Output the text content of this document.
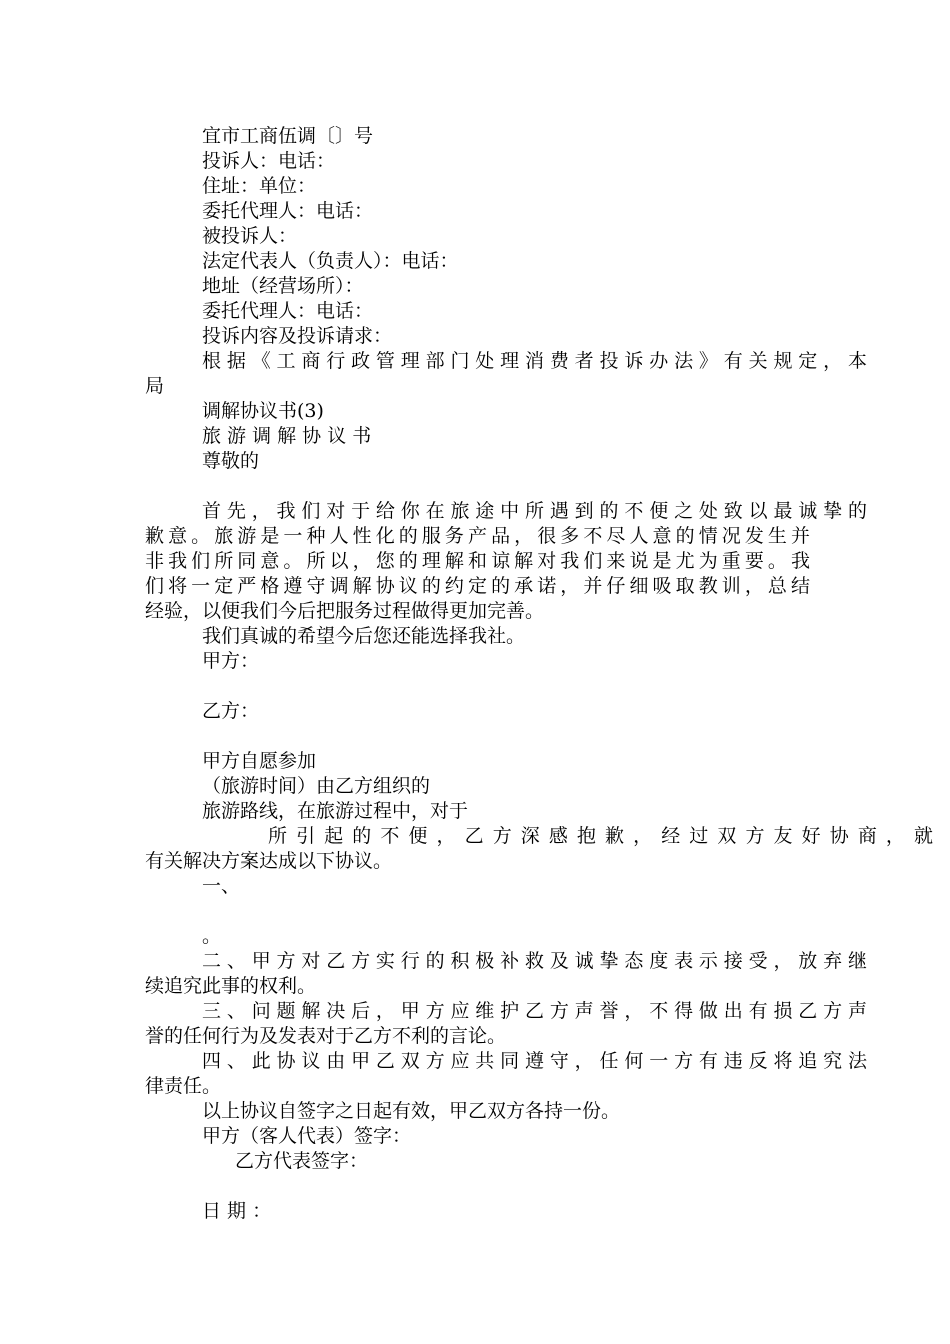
宜市工商伍调〔〕号
投诉人：电话：
住址：单位：
委托代理人：电话：
被投诉人：
法定代表人（负责人）：电话：
地址（经营场所）：
委托代理人：电话：
投诉内容及投诉请求：
根据《工商行政管理部门处理消费者投诉办法》有关规定，本
局
调解协议书(3)
旅 游 调 解 协 议 书
尊敬的
首先，我们对于给你在旅途中所遇到的不便之处致以最诚挚的
歉意。旅游是一种人性化的服务产品，很多不尽人意的情况发生并
非我们所同意。所以，您的理解和谅解对我们来说是尤为重要。我
们将一定严格遵守调解协议的约定的承诺，并仔细吸取教训，总结
经验，以便我们今后把服务过程做得更加完善。
我们真诚的希望今后您还能选择我社。
甲方：
乙方：
甲方自愿参加
（旅游时间）由乙方组织的
旅游路线，在旅游过程中，对于
所引起的不便，乙方深感抱歉，经过双方友好协商，就
有关解决方案达成以下协议。
一、
。
二、甲方对乙方实行的积极补救及诚挚态度表示接受，放弃继
续追究此事的权利。
三、问题解决后，甲方应维护乙方声誉，不得做出有损乙方声
誉的任何行为及发表对于乙方不利的言论。
四、此协议由甲乙双方应共同遵守，任何一方有违反将追究法
律责任。
以上协议自签字之日起有效，甲乙双方各持一份。
甲方（客人代表）签字：
乙方代表签字：
日 期 ：
